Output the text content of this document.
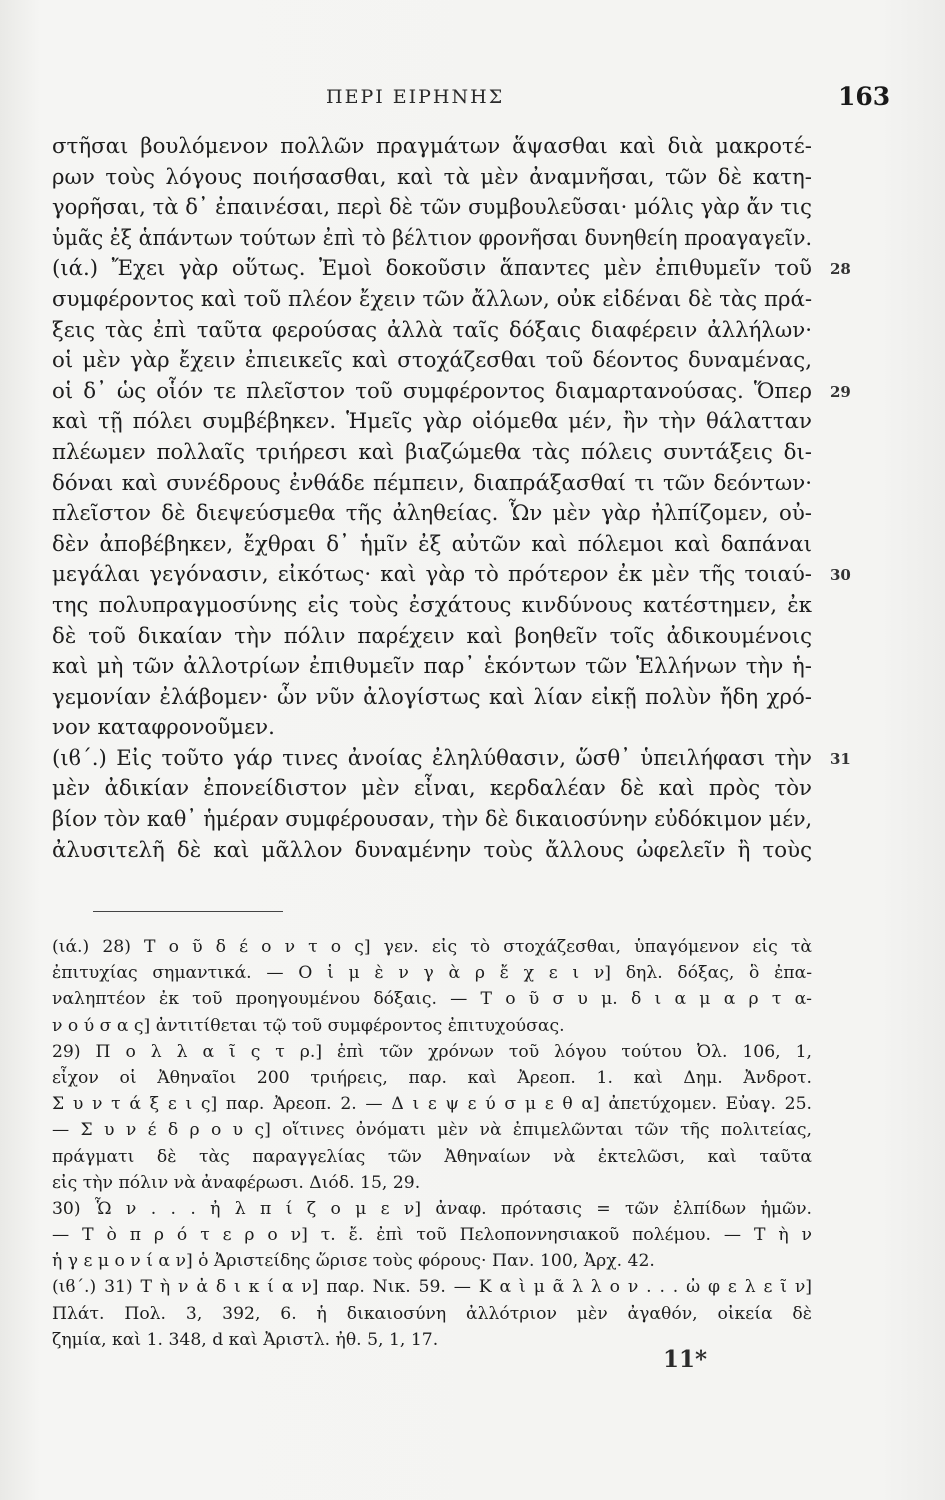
ΠΕΡΙ ΕΙΡΗΝΗΣ	163
στῆσαι βουλόμενον πολλῶν πραγμάτων ἅψασθαι καὶ διὰ μακροτέ-
ρων τοὺς λόγους ποιήσασθαι, καὶ τὰ μὲν ἀναμνῆσαι, τῶν δὲ κατη-
γορῆσαι, τὰ δ᾽ ἐπαινέσαι, περὶ δὲ τῶν συμβουλεῦσαι· μόλις γὰρ ἄν τις
ὑμᾶς ἐξ ἁπάντων τούτων ἐπὶ τὸ βέλτιον φρονῆσαι δυνηθείη προαγαγεῖν.
(ιά.) Ἔχει γὰρ οὕτως. Ἐμοὶ δοκοῦσιν ἅπαντες μὲν ἐπιθυμεῖν τοῦ 28
συμφέροντος καὶ τοῦ πλέον ἔχειν τῶν ἄλλων, οὐκ εἰδέναι δὲ τὰς πρά-
ξεις τὰς ἐπὶ ταῦτα φερούσας ἀλλὰ ταῖς δόξαις διαφέρειν ἀλλήλων·
οἱ μὲν γὰρ ἔχειν ἐπιεικεῖς καὶ στοχάζεσθαι τοῦ δέοντος δυναμένας,
οἱ δ᾽ ὡς οἷόν τε πλεῖστον τοῦ συμφέροντος διαμαρτανούσας. Ὅπερ 29
καὶ τῇ πόλει συμβέβηκεν. Ἡμεῖς γὰρ οἰόμεθα μέν, ἢν τὴν θάλατταν
πλέωμεν πολλαῖς τριήρεσι καὶ βιαζώμεθα τὰς πόλεις συντάξεις δι-
δόναι καὶ συνέδρους ἐνθάδε πέμπειν, διαπράξασθαί τι τῶν δεόντων·
πλεῖστον δὲ διεψεύσμεθα τῆς ἀληθείας. Ὧν μὲν γὰρ ἠλπίζομεν, οὐ-
δὲν ἀποβέβηκεν, ἔχθραι δ᾽ ἡμῖν ἐξ αὐτῶν καὶ πόλεμοι καὶ δαπάναι
μεγάλαι γεγόνασιν, εἰκότως· καὶ γὰρ τὸ πρότερον ἐκ μὲν τῆς τοιαύ- 30
της πολυπραγμοσύνης εἰς τοὺς ἐσχάτους κινδύνους κατέστημεν, ἐκ
δὲ τοῦ δικαίαν τὴν πόλιν παρέχειν καὶ βοηθεῖν τοῖς ἀδικουμένοις
καὶ μὴ τῶν ἀλλοτρίων ἐπιθυμεῖν παρ᾽ ἑκόντων τῶν Ἑλλήνων τὴν ἡ-
γεμονίαν ἐλάβομεν· ὧν νῦν ἀλογίστως καὶ λίαν εἰκῇ πολὺν ἤδη χρό-
νον καταφρονοῦμεν.
(ιϐ´.) Εἰς τοῦτο γάρ τινες ἀνοίας ἐληλύθασιν, ὥσθ᾽ ὑπειλήφασι τὴν 31
μὲν ἀδικίαν ἐπονείδιστον μὲν εἶναι, κερδαλέαν δὲ καὶ πρὸς τὸν
βίον τὸν καθ᾽ ἡμέραν συμφέρουσαν, τὴν δὲ δικαιοσύνην εὐδόκιμον μέν,
ἀλυσιτελῆ δὲ καὶ μᾶλλον δυναμένην τοὺς ἄλλους ὠφελεῖν ἢ τοὺς
(ιά.) 28) Τ ο ῦ δ έ ο ν τ ο ς] γεν. εἰς τὸ στοχάζεσθαι, ὑπαγόμενον εἰς τὰ
ἐπιτυχίας σημαντικά. — Ο ἱ μ ὲ ν γ ὰ ρ ἔ χ ε ι ν] δηλ. δόξας, ὃ ἐπα-
ναληπτέον ἐκ τοῦ προηγουμένου δόξαις. — Τ ο ῦ σ υ μ. δ ι α μ α ρ τ α-
ν ο ύ σ α ς] ἀντιτίθεται τῷ τοῦ συμφέροντος ἐπιτυχούσας.
29) Π ο λ λ α ῖ ς τ ρ.] ἐπὶ τῶν χρόνων τοῦ λόγου τούτου Ὀλ. 106, 1,
εἶχον οἱ Ἀθηναῖοι 200 τριήρεις, παρ. καὶ Ἀρεοπ. 1. καὶ Δημ. Ἀνδροτ.
Σ υ ν τ ά ξ ε ι ς] παρ. Ἀρεοπ. 2. — Δ ι ε ψ ε ύ σ μ ε θ α] ἀπετύχομεν. Εὐαγ. 25.
— Σ υ ν έ δ ρ ο υ ς] οἵτινες ὀνόματι μὲν νὰ ἐπιμελῶνται τῶν τῆς πολιτείας,
πράγματι δὲ τὰς παραγγελίας τῶν Ἀθηναίων νὰ ἐκτελῶσι, καὶ ταῦτα
εἰς τὴν πόλιν νὰ ἀναφέρωσι. Διόδ. 15, 29.
30) Ὧ ν . . . ἠ λ π ί ζ ο μ ε ν] ἀναφ. πρότασις = τῶν ἐλπίδων ἡμῶν.
— Τ ὸ π ρ ό τ ε ρ ο ν] τ. ἔ. ἐπὶ τοῦ Πελοποννησιακοῦ πολέμου. — Τ ὴ ν
ἡ γ ε μ ο ν ί α ν] ὁ Ἀριστείδης ὥρισε τοὺς φόρους· Παν. 100, Ἀρχ. 42.
(ιϐ´.) 31) Τ ὴ ν ἀ δ ι κ ί α ν] παρ. Νικ. 59. — Κ α ὶ μ ᾶ λ λ ο ν . . . ὠ φ ε λ ε ῖ ν]
Πλάτ. Πολ. 3, 392, 6. ἡ δικαιοσύνη ἀλλότριον μὲν ἀγαθόν, οἰκεία δὲ
ζημία, καὶ 1. 348, d καὶ Ἀριστλ. ἠθ. 5, 1, 17.
11*
